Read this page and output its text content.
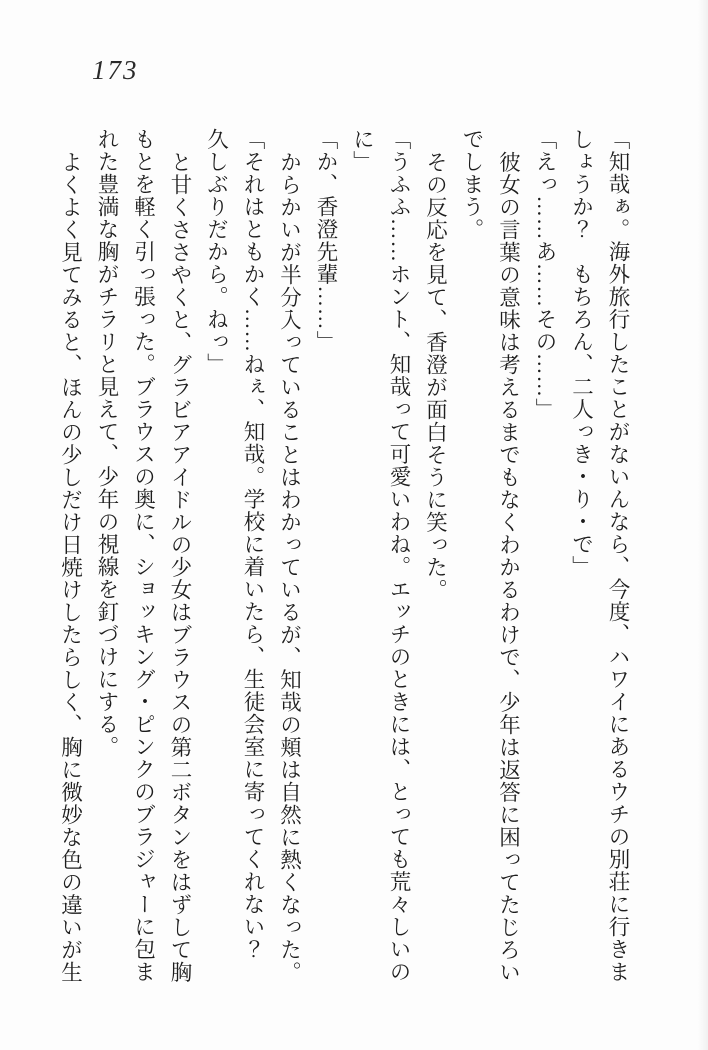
173

「知哉ぁ。海外旅行したことがないんなら、今度、ハワイにあるウチの別荘に行きま

しょうか？　もちろん、二人っき・り・で」

「えっ……あ……その……」

彼女の言葉の意味は考えるまでもなくわかるわけで、少年は返答に困ってたじろい

でしまう。

その反応を見て、香澄が面白そうに笑った。

「うふふ……ホント、知哉って可愛いわね。エッチのときには、とっても荒々しいの

に」

「か、香澄先輩……」

からかいが半分入っていることはわかっているが、知哉の頬は自然に熱くなった。

「それはともかく……ねぇ、知哉。学校に着いたら、生徒会室に寄ってくれない？

久しぶりだから。ねっ」

と甘くささやくと、グラビアアイドルの少女はブラウスの第二ボタンをはずして胸

もとを軽く引っ張った。ブラウスの奥に、ショッキング・ピンクのブラジャーに包ま

れた豊満な胸がチラリと見えて、少年の視線を釘づけにする。

よくよく見てみると、ほんの少しだけ日焼けしたらしく、胸に微妙な色の違いが生
